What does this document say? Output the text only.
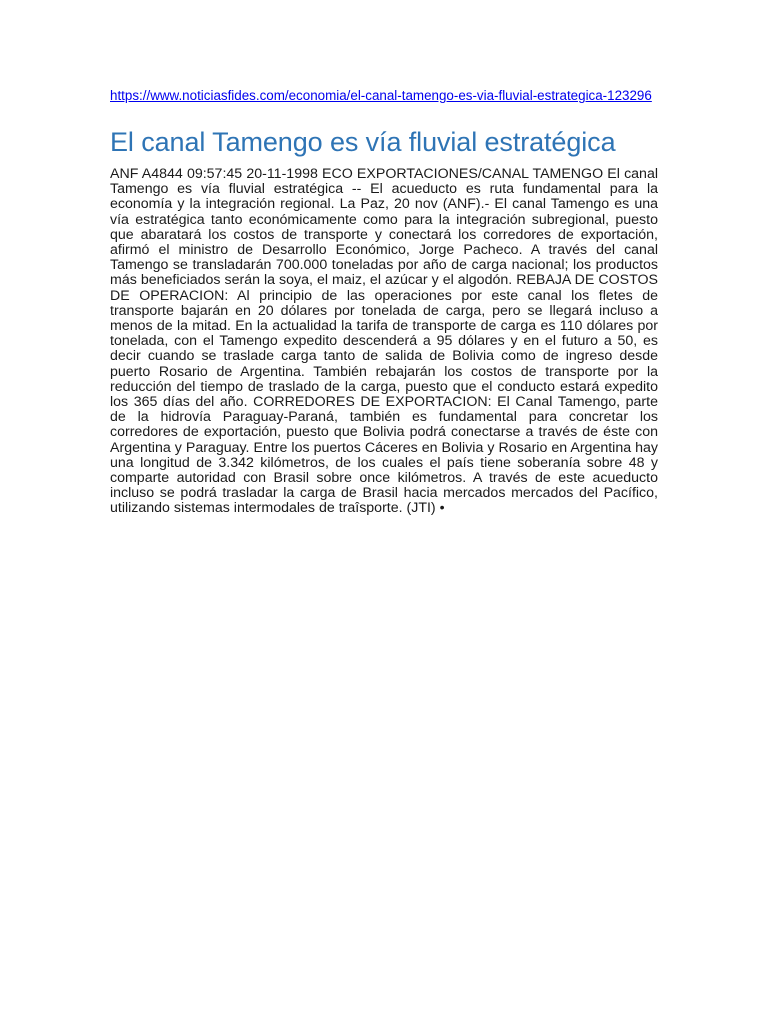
https://www.noticiasfides.com/economia/el-canal-tamengo-es-via-fluvial-estrategica-123296
El canal Tamengo es vía fluvial estratégica

ANF A4844 09:57:45 20-11-1998 ECO EXPORTACIONES/CANAL TAMENGO El canal Tamengo es vía fluvial estratégica -- El acueducto es ruta fundamental para la economía y la integración regional. La Paz, 20 nov (ANF).- El canal Tamengo es una vía estratégica tanto económicamente como para la integración subregional, puesto que abaratará los costos de transporte y conectará los corredores de exportación, afirmó el ministro de Desarrollo Económico, Jorge Pacheco. A través del canal Tamengo se transladarán 700.000 toneladas por año de carga nacional; los productos más beneficiados serán la soya, el maiz, el azúcar y el algodón. REBAJA DE COSTOS DE OPERACION: Al principio de las operaciones por este canal los fletes de transporte bajarán en 20 dólares por tonelada de carga, pero se llegará incluso a menos de la mitad. En la actualidad la tarifa de transporte de carga es 110 dólares por tonelada, con el Tamengo expedito descenderá a 95 dólares y en el futuro a 50, es decir cuando se traslade carga tanto de salida de Bolivia como de ingreso desde puerto Rosario de Argentina. También rebajarán los costos de transporte por la reducción del tiempo de traslado de la carga, puesto que el conducto estará expedito los 365 días del año. CORREDORES DE EXPORTACION: El Canal Tamengo, parte de la hidrovía Paraguay-Paraná, también es fundamental para concretar los corredores de exportación, puesto que Bolivia podrá conectarse a través de éste con Argentina y Paraguay. Entre los puertos Cáceres en Bolivia y Rosario en Argentina hay una longitud de 3.342 kilómetros, de los cuales el país tiene soberanía sobre 48 y comparte autoridad con Brasil sobre once kilómetros. A través de este acueducto incluso se podrá trasladar la carga de Brasil hacia mercados mercados del Pacífico, utilizando sistemas intermodales de traîsporte. (JTI) •
